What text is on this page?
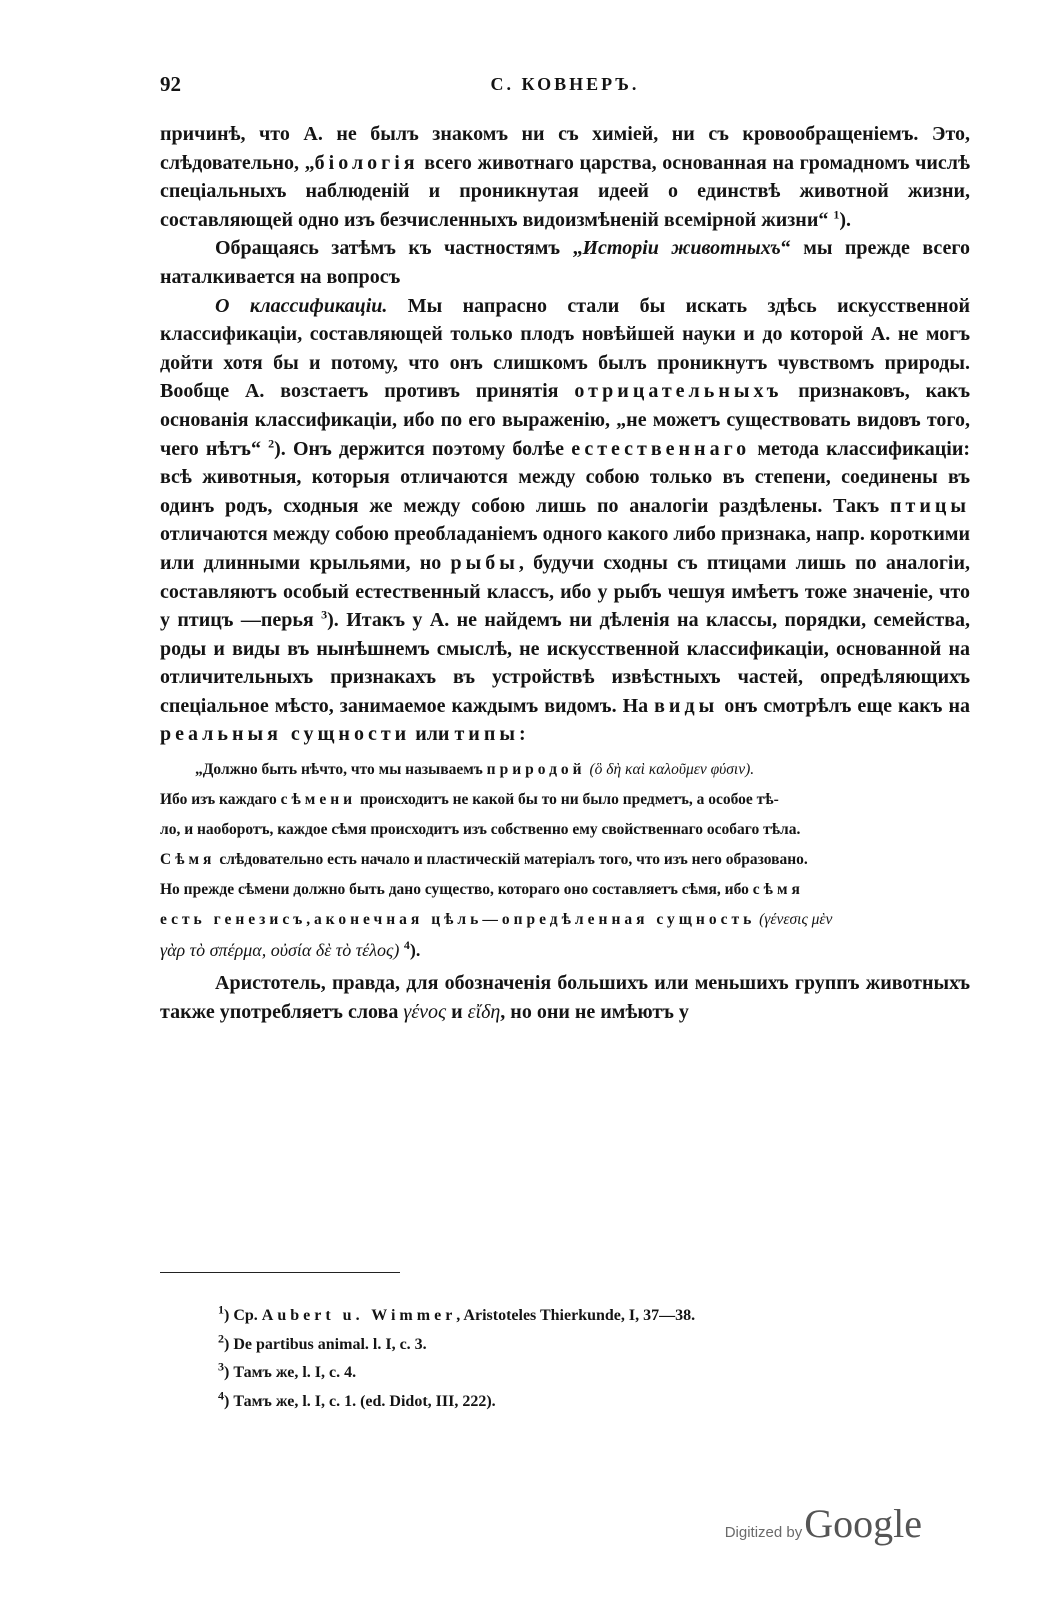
92	С. КОВНЕРЪ.

причинѣ, что А. не былъ знакомъ ни съ химіей, ни съ кровообращеніемъ. Это, слѣдовательно, „біологія всего животнаго царства, основанная на громадномъ числѣ спеціальныхъ наблюденій и проникнутая идеей о единствѣ животной жизни, составляющей одно изъ безчисленныхъ видоизмѣненій всемірной жизни“ $^1$).

Обращаясь затѣмъ къ частностямъ „Исторіи животныхъ“ мы прежде всего наталкивается на вопросъ

О классификаціи. Мы напрасно стали бы искать здѣсь искусственной классификаціи, составляющей только плодъ новѣйшей науки и до которой А. не могъ дойти хотя бы и потому, что онъ слишкомъ былъ проникнутъ чувствомъ природы. Вообще А. возстаетъ противъ принятія отрицательныхъ признаковъ, какъ основанія классификаціи, ибо по его выраженію, „не можетъ существовать видовъ того, чего нѣтъ“ $^2$). Онъ держится поэтому болѣе естественнаго метода классификаціи: всѣ животныя, которыя отличаются между собою только въ степени, соединены въ одинъ родъ, сходныя же между собою лишь по аналогіи раздѣлены. Такъ птицы отличаются между собою преобладаніемъ одного какого либо признака, напр. короткими или длинными крыльями, но рыбы, будучи сходны съ птицами лишь по аналогіи, составляютъ особый естественный классъ, ибо у рыбъ чешуя имѣетъ тоже значеніе, что у птицъ —перья $^3$). Итакъ у А. не найдемъ ни дѣленія на классы, порядки, семейства, роды и виды въ нынѣшнемъ смыслѣ, не искусственной классификаціи, основанной на отличительныхъ признакахъ въ устройствѣ извѣстныхъ частей, опредѣляющихъ спеціальное мѣсто, занимаемое каждымъ видомъ. На виды онъ смотрѣлъ еще какъ на реальныя сущности или типы:

„Должно быть нѣчто, что мы называемъ природой (ὃ δὴ καὶ καλοῦμεν φύσιν).

Ибо изъ каждаго сѣмени происходитъ не какой бы то ни было предметъ, а особое тѣ-

ло, и наоборотъ, каждое сѣмя происходитъ изъ собственно ему свойственнаго особаго тѣла.

Сѣмя слѣдовательно есть начало и пластическій матеріалъ того, что изъ него образовано.

Но прежде сѣмени должно быть дано существо, котораго оно составляетъ сѣмя, ибо сѣмя

есть генезисъ, а конечная цѣль—опредѣленная сущность (γένεσις μὲν

γὰρ τὸ σπέρμα, οὐσία δὲ τὸ τέλος) $^4$).

Аристотель, правда, для обозначенія большихъ или меньшихъ группъ животныхъ также употребляетъ слова γένος и εἴδη, но они не имѣютъ у

$^1$) Ср. Aubert u. Wimmer, Aristoteles Thierkunde, I, 37—38.

$^2$) De partibus animal. l. I, c. 3.

$^3$) Тамъ же, l. I, c. 4.

$^4$) Тамъ же, l. I, c. 1. (ed. Didot, III, 222).

Digitized by Google
